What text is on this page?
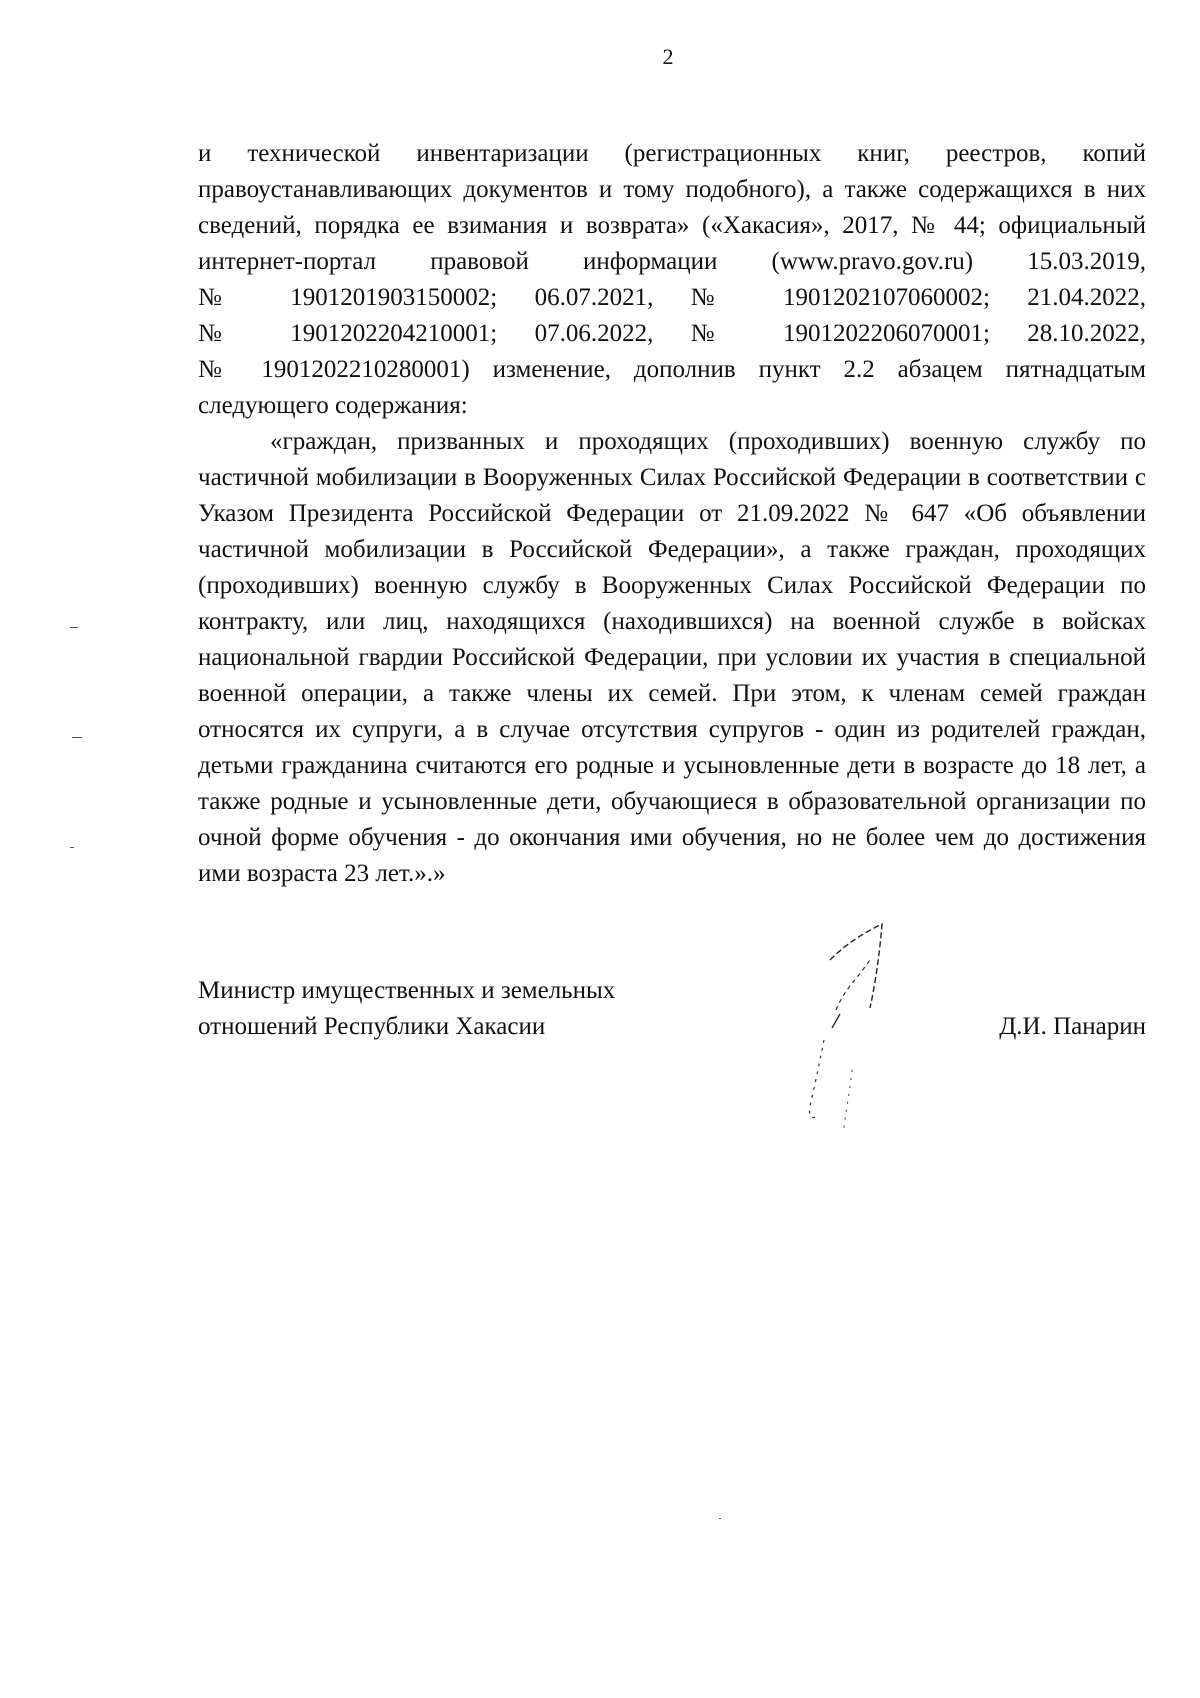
2

и технической инвентаризации (регистрационных книг, реестров, копий
правоустанавливающих документов и тому подобного), а также содержащихся в них
сведений, порядка ее взимания и возврата» («Хакасия», 2017, № 44; официальный
интернет-портал правовой информации (www.pravo.gov.ru) 15.03.2019,
№ 1901201903150002; 06.07.2021, № 1901202107060002; 21.04.2022,
№ 1901202204210001; 07.06.2022, № 1901202206070001; 28.10.2022,
№ 1901202210280001) изменение, дополнив пункт 2.2 абзацем пятнадцатым
следующего содержания:

«граждан, призванных и проходящих (проходивших) военную службу по частичной мобилизации в Вооруженных Силах Российской Федерации в соответствии с Указом Президента Российской Федерации от 21.09.2022 № 647 «Об объявлении частичной мобилизации в Российской Федерации», а также граждан, проходящих (проходивших) военную службу в Вооруженных Силах Российской Федерации по контракту, или лиц, находящихся (находившихся) на военной службе в войсках национальной гвардии Российской Федерации, при условии их участия в специальной военной операции, а также члены их семей. При этом, к членам семей граждан относятся их супруги, а в случае отсутствия супругов - один из родителей граждан, детьми гражданина считаются его родные и усыновленные дети в возрасте до 18 лет, а также родные и усыновленные дети, обучающиеся в образовательной организации по очной форме обучения - до окончания ими обучения, но не более чем до достижения ими возраста 23 лет.».»

Министр имущественных и земельных
отношений Республики Хакасии	Д.И. Панарин
